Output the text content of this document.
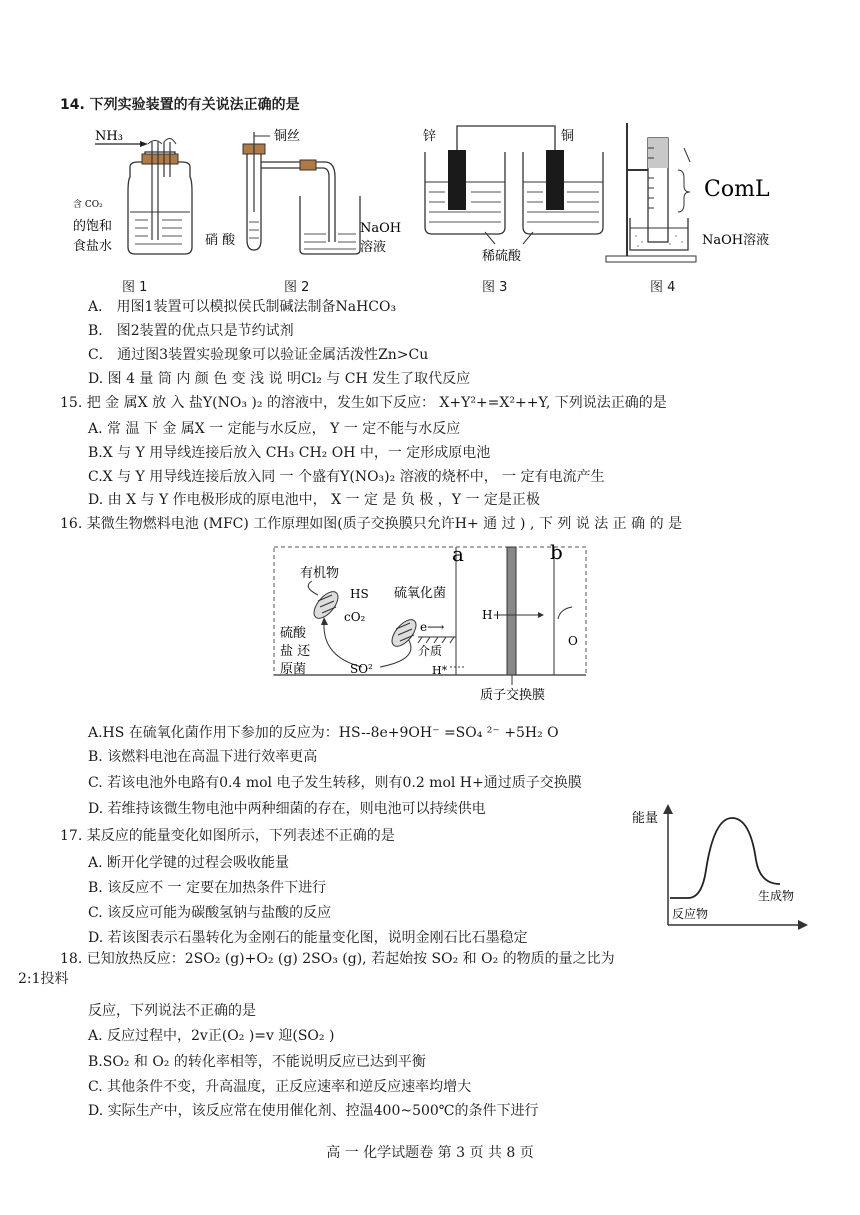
14. 下列实验装置的有关说法正确的是
NH₃
含 CO₂
的饱和
食盐水
图 1
铜丝
硝 酸
NaOH
溶液
图 2
锌	铜
稀硫酸
图 3
ComL
NaOH溶液
图 4
A． 用图1装置可以模拟侯氏制碱法制备NaHCO₃
B． 图2装置的优点只是节约试剂
C． 通过图3装置实验现象可以验证金属活泼性Zn>Cu
D. 图 4 量 筒 内 颜 色 变 浅 说 明Cl₂ 与 CH 发生了取代反应
15. 把 金 属X 放 入 盐Y(NO₃ )₂ 的溶液中，发生如下反应： X+Y²+=X²++Y, 下列说法正确的是
A. 常 温 下 金 属X 一 定能与水反应， Y 一 定不能与水反应
B.X 与 Y 用导线连接后放入 CH₃ CH₂ OH 中，一 定形成原电池
C.X 与 Y 用导线连接后放入同 一 个盛有Y(NO₃)₂ 溶液的烧杯中， 一 定有电流产生
D. 由 X 与 Y 作电极形成的原电池中， X 一 定 是 负 极 ，Y 一 定是正极
16. 某微生物燃料电池 (MFC) 工作原理如图(质子交换膜只允许H+ 通 过 ) , 下 列 说 法 正 确 的 是
a	b
有机物
HS
cO₂
硫酸
盐 还
原菌	SO²
硫氧化菌
e⟶
介质
H*
H+
O
质子交换膜
A.HS 在硫氧化菌作用下参加的反应为：HS--8e+9OH⁻ =SO₄ ²⁻ +5H₂ O
B. 该燃料电池在高温下进行效率更高
C. 若该电池外电路有0.4 mol 电子发生转移，则有0.2 mol H+通过质子交换膜
D. 若维持该微生物电池中两种细菌的存在，则电池可以持续供电
能量
反应物
生成物
17. 某反应的能量变化如图所示，下列表述不正确的是
A. 断开化学键的过程会吸收能量
B. 该反应不 一 定要在加热条件下进行
C. 该反应可能为碳酸氢钠与盐酸的反应
D. 若该图表示石墨转化为金刚石的能量变化图，说明金刚石比石墨稳定
18. 已知放热反应：2SO₂ (g)+O₂ (g) 2SO₃ (g), 若起始按 SO₂ 和 O₂ 的物质的量之比为
2:1投料
反应，下列说法不正确的是
A. 反应过程中，2v正(O₂ )=v 迎(SO₂ )
B.SO₂ 和 O₂ 的转化率相等，不能说明反应已达到平衡
C. 其他条件不变，升高温度，正反应速率和逆反应速率均增大
D. 实际生产中，该反应常在使用催化剂、控温400~500℃的条件下进行
高 一 化学试题卷 第 3 页 共 8 页
